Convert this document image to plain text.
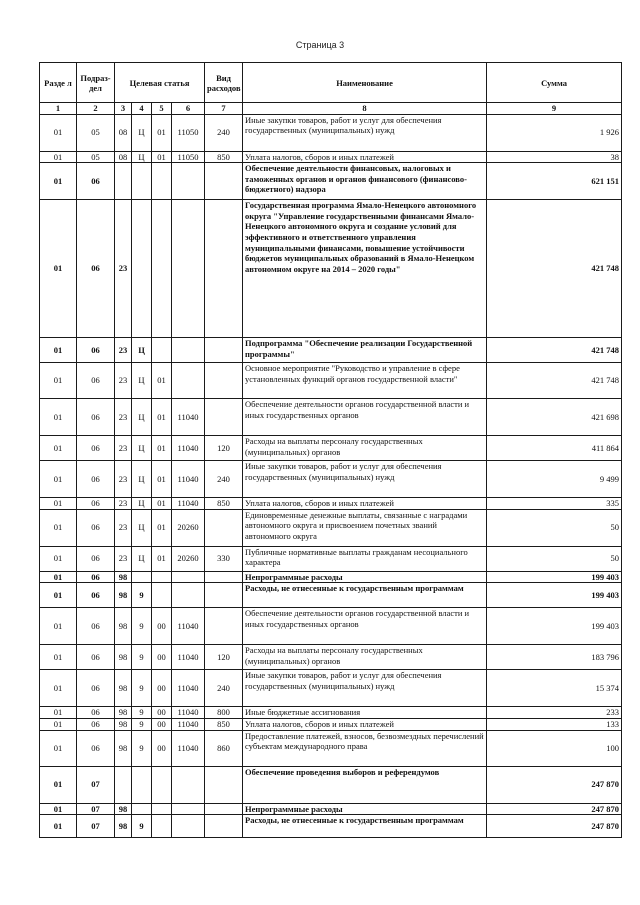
Страница 3
Разде л	Подраз- дел	Целевая статья				Вид расходов	Наименование	Сумма
1	2	3	4	5	6	7	8	9
01	05	08	Ц	01	11050	240	Иные закупки товаров, работ и услуг для обеспечения государственных (муниципальных) нужд	1 926
01	05	08	Ц	01	11050	850	Уплата налогов, сборов и иных платежей	38
01	06						Обеспечение деятельности финансовых, налоговых и таможенных органов и органов финансового (финансово-бюджетного) надзора	621 151
01	06	23					Государственная программа Ямало-Ненецкого автономного округа "Управление государственными финансами Ямало-Ненецкого автономного округа и создание условий для эффективного и ответственного управления муниципальными финансами, повышение устойчивости бюджетов муниципальных образований в Ямало-Ненецком автономном округе на 2014 – 2020 годы"	421 748
01	06	23	Ц				Подпрограмма "Обеспечение реализации Государственной программы"	421 748
01	06	23	Ц	01			Основное мероприятие "Руководство и управление в сфере установленных функций органов государственной власти"	421 748
01	06	23	Ц	01	11040		Обеспечение деятельности органов государственной власти и иных государственных органов	421 698
01	06	23	Ц	01	11040	120	Расходы на выплаты персоналу государственных (муниципальных) органов	411 864
01	06	23	Ц	01	11040	240	Иные закупки товаров, работ и услуг для обеспечения государственных (муниципальных) нужд	9 499
01	06	23	Ц	01	11040	850	Уплата налогов, сборов и иных платежей	335
01	06	23	Ц	01	20260		Единовременные денежные выплаты, связанные с наградами автономного округа и присвоением почетных званий автономного округа	50
01	06	23	Ц	01	20260	330	Публичные нормативные выплаты гражданам несоциального характера	50
01	06	98					Непрограммные расходы	199 403
01	06	98	9				Расходы, не отнесенные к государственным программам	199 403
01	06	98	9	00	11040		Обеспечение деятельности органов государственной власти и иных государственных органов	199 403
01	06	98	9	00	11040	120	Расходы на выплаты персоналу государственных (муниципальных) органов	183 796
01	06	98	9	00	11040	240	Иные закупки товаров, работ и услуг для обеспечения государственных (муниципальных) нужд	15 374
01	06	98	9	00	11040	800	Иные бюджетные ассигнования	233
01	06	98	9	00	11040	850	Уплата налогов, сборов и иных платежей	133
01	06	98	9	00	11040	860	Предоставление платежей, взносов, безвозмездных перечислений субъектам международного права	100
01	07						Обеспечение проведения выборов и референдумов	247 870
01	07	98					Непрограммные расходы	247 870
01	07	98	9				Расходы, не отнесенные к государственным программам	247 870
